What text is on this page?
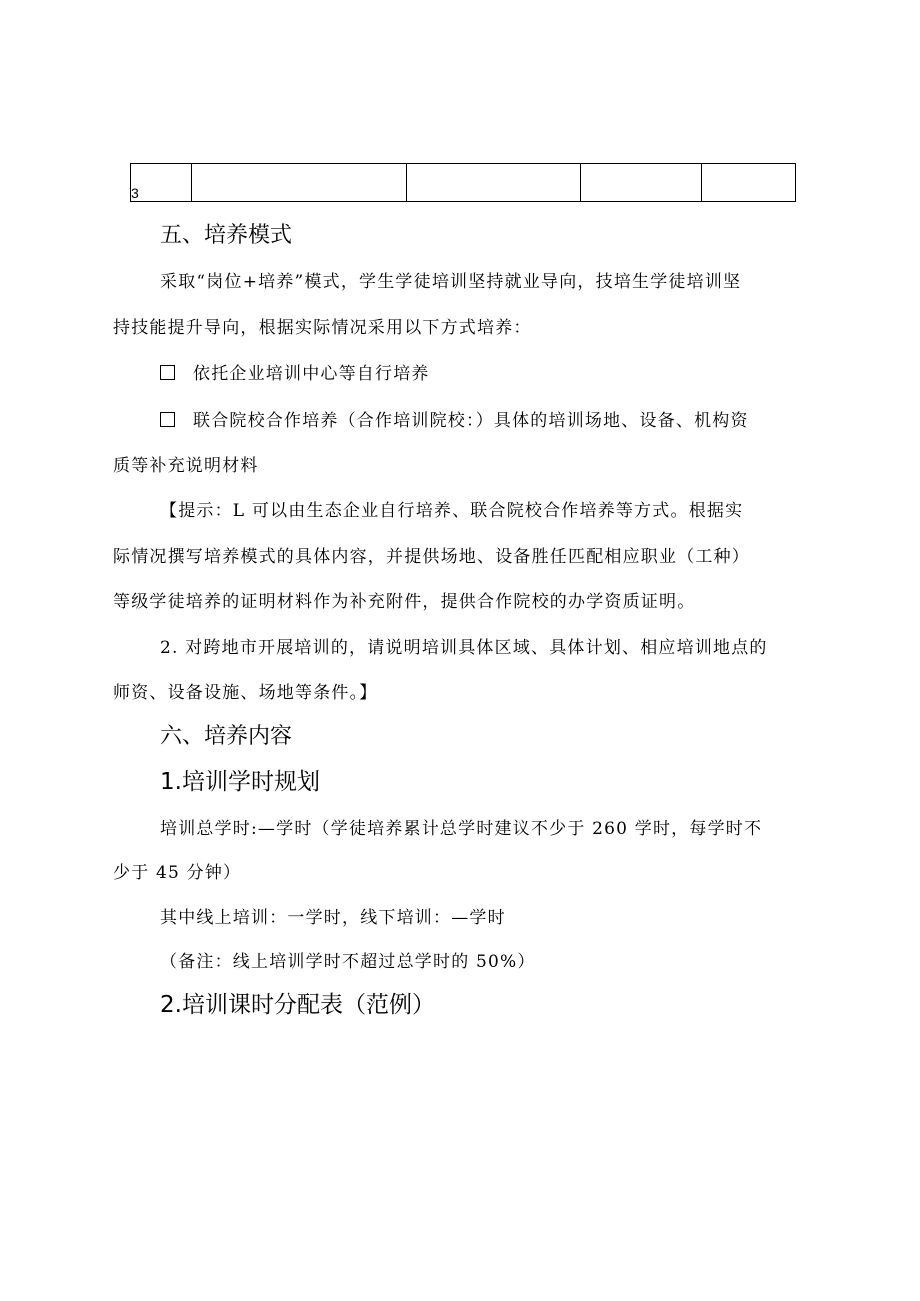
3				
五、培养模式
采取“岗位+培养”模式，学生学徒培训坚持就业导向，技培生学徒培训坚
持技能提升导向，根据实际情况采用以下方式培养：
依托企业培训中心等自行培养
联合院校合作培养（合作培训院校：）具体的培训场地、设备、机构资
质等补充说明材料
【提示：L 可以由生态企业自行培养、联合院校合作培养等方式。根据实
际情况撰写培养模式的具体内容，并提供场地、设备胜任匹配相应职业（工种）
等级学徒培养的证明材料作为补充附件，提供合作院校的办学资质证明。
2. 对跨地市开展培训的，请说明培训具体区域、具体计划、相应培训地点的
师资、设备设施、场地等条件。】
六、培养内容
1.培训学时规划
培训总学时:—学时（学徒培养累计总学时建议不少于 260 学时，每学时不
少于 45 分钟）
其中线上培训：一学时，线下培训：—学时
（备注：线上培训学时不超过总学时的 50%）
2.培训课时分配表（范例）
